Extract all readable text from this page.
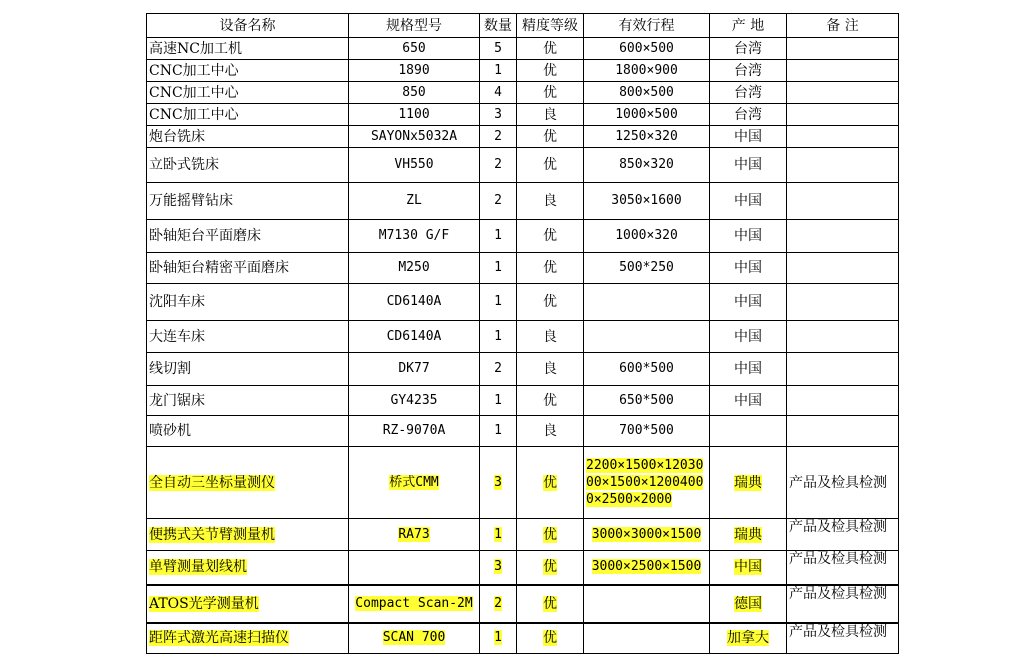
设备名称	规格型号	数量	精度等级	有效行程	产 地	备 注
高速NC加工机	650	5	优	600×500	台湾	
CNC加工中心	1890	1	优	1800×900	台湾	
CNC加工中心	850	4	优	800×500	台湾	
CNC加工中心	1100	3	良	1000×500	台湾	
炮台铣床	SAYONx5032A	2	优	1250×320	中国	
立卧式铣床	VH550	2	优	850×320	中国	
万能摇臂钻床	ZL	2	良	3050×1600	中国	
卧轴矩台平面磨床	M7130 G/F	1	优	1000×320	中国	
卧轴矩台精密平面磨床	M250	1	优	500*250	中国	
沈阳车床	CD6140A	1	优		中国	
大连车床	CD6140A	1	良		中国	
线切割	DK77	2	良	600*500	中国	
龙门锯床	GY4235	1	优	650*500	中国	
喷砂机	RZ-9070A	1	良	700*500		
全自动三坐标量测仪	桥式CMM	3	优	2200×1500×1203000×1500×12004000×2500×2000	瑞典	产品及检具检测
便携式关节臂测量机	RA73	1	优	3000×3000×1500	瑞典	产品及检具检测
单臂测量划线机		3	优	3000×2500×1500	中国	产品及检具检测
ATOS光学测量机	Compact Scan-2M	2	优		德国	产品及检具检测
距阵式激光高速扫描仪	SCAN 700	1	优		加拿大	产品及检具检测
